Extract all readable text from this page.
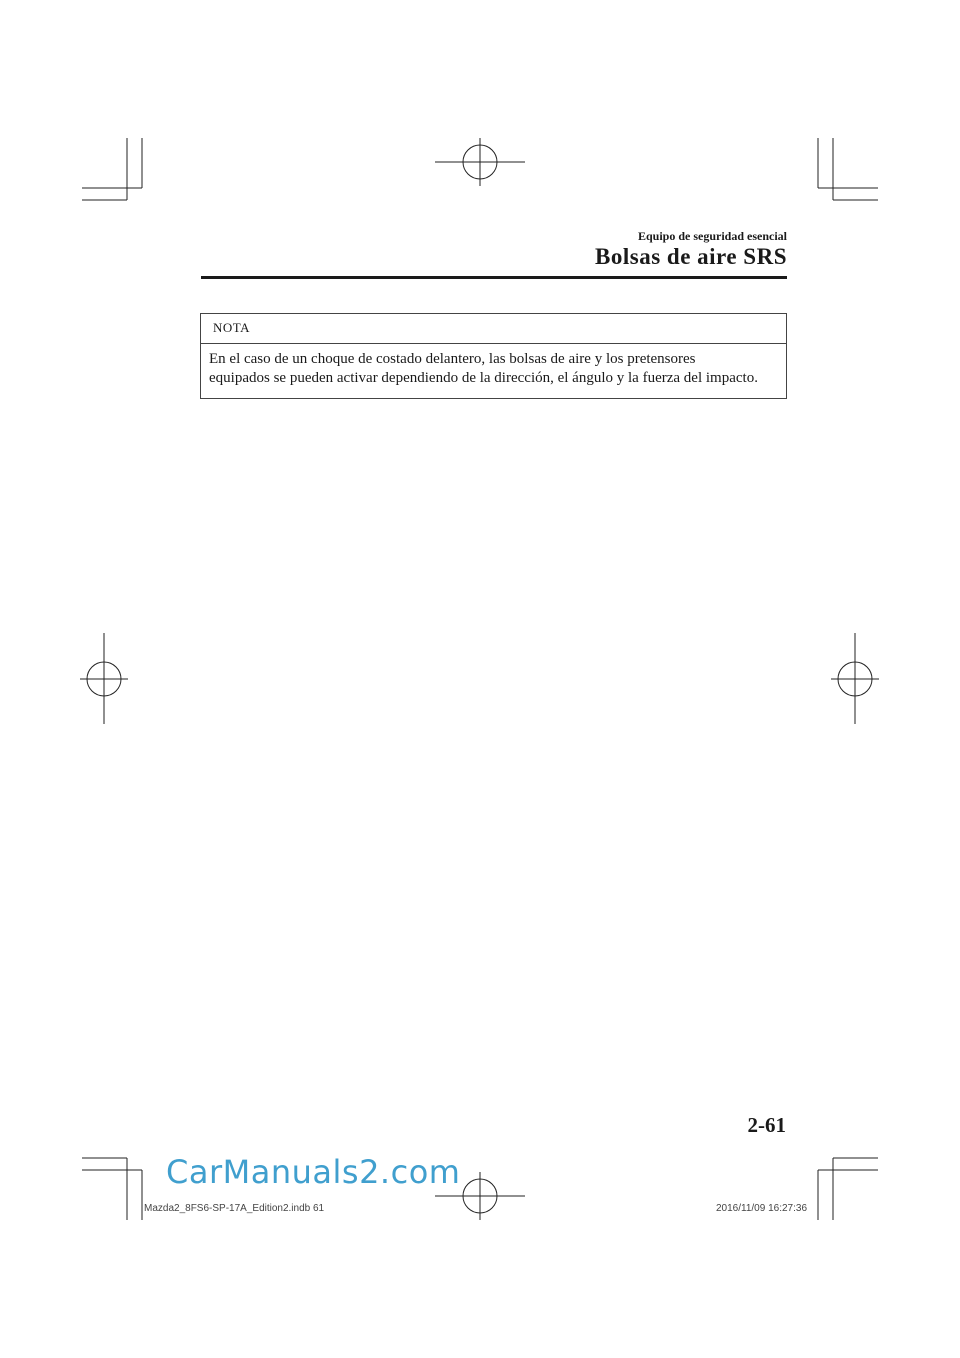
Equipo de seguridad esencial
Bolsas de aire SRS
NOTA
En el caso de un choque de costado delantero, las bolsas de aire y los pretensores
equipados se pueden activar dependiendo de la dirección, el ángulo y la fuerza del impacto.
2-61
CarManuals2.com
Mazda2_8FS6-SP-17A_Edition2.indb 61	2016/11/09 16:27:36
